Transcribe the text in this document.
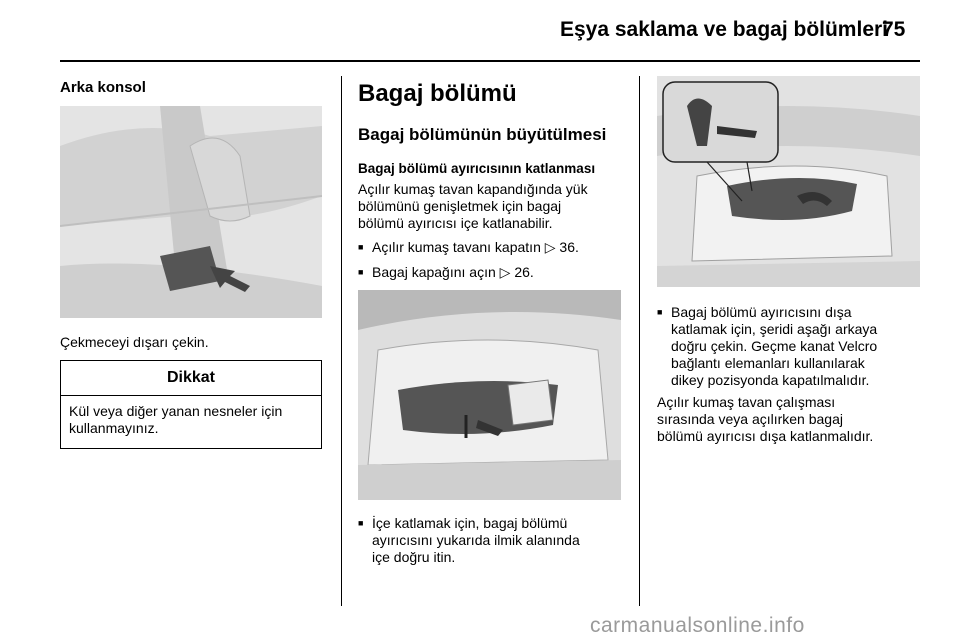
Eşya saklama ve bagaj bölümleri
75
Arka konsol
Çekmeceyi dışarı çekin.
Dikkat
Kül veya diğer yanan nesneler için kullanmayınız.
Bagaj bölümü
Bagaj bölümünün büyütülmesi
Bagaj bölümü ayırıcısının katlanması
Açılır kumaş tavan kapandığında yük
bölümünü genişletmek için bagaj
bölümü ayırıcısı içe katlanabilir.
■ Açılır kumaş tavanı kapatın ▷ 36.
■ Bagaj kapağını açın ▷ 26.
■ İçe katlamak için, bagaj bölümü
ayırıcısını yukarıda ilmik alanında
içe doğru itin.
■ Bagaj bölümü ayırıcısını dışa
katlamak için, şeridi aşağı arkaya
doğru çekin. Geçme kanat Velcro
bağlantı elemanları kullanılarak
dikey pozisyonda kapatılmalıdır.
Açılır kumaş tavan çalışması
sırasında veya açılırken bagaj
bölümü ayırıcısı dışa katlanmalıdır.
carmanualsonline.info
